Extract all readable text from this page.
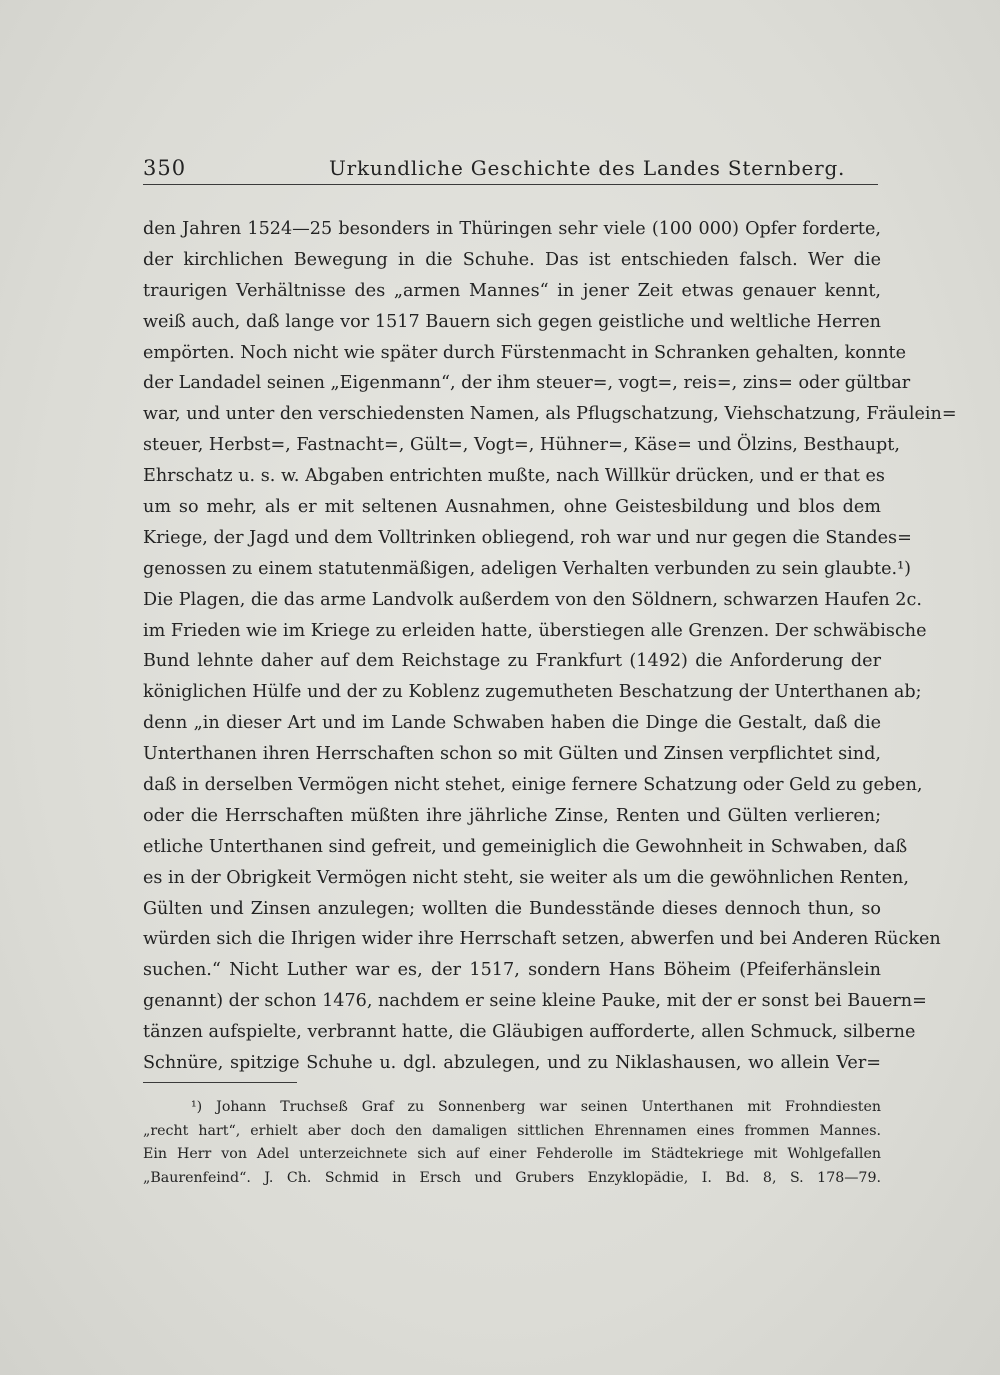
350	Urkundliche Geschichte des Landes Sternberg.
den Jahren 1524—25 besonders in Thüringen sehr viele (100 000) Opfer forderte,
der kirchlichen Bewegung in die Schuhe. Das ist entschieden falsch. Wer die
traurigen Verhältnisse des „armen Mannes“ in jener Zeit etwas genauer kennt,
weiß auch, daß lange vor 1517 Bauern sich gegen geistliche und weltliche Herren
empörten. Noch nicht wie später durch Fürstenmacht in Schranken gehalten, konnte
der Landadel seinen „Eigenmann“, der ihm steuer=, vogt=, reis=, zins= oder gültbar
war, und unter den verschiedensten Namen, als Pflugschatzung, Viehschatzung, Fräulein=
steuer, Herbst=, Fastnacht=, Gült=, Vogt=, Hühner=, Käse= und Ölzins, Besthaupt,
Ehrschatz u. s. w. Abgaben entrichten mußte, nach Willkür drücken, und er that es
um so mehr, als er mit seltenen Ausnahmen, ohne Geistesbildung und blos dem
Kriege, der Jagd und dem Volltrinken obliegend, roh war und nur gegen die Standes=
genossen zu einem statutenmäßigen, adeligen Verhalten verbunden zu sein glaubte.¹)
Die Plagen, die das arme Landvolk außerdem von den Söldnern, schwarzen Haufen 2c.
im Frieden wie im Kriege zu erleiden hatte, überstiegen alle Grenzen. Der schwäbische
Bund lehnte daher auf dem Reichstage zu Frankfurt (1492) die Anforderung der
königlichen Hülfe und der zu Koblenz zugemutheten Beschatzung der Unterthanen ab;
denn „in dieser Art und im Lande Schwaben haben die Dinge die Gestalt, daß die
Unterthanen ihren Herrschaften schon so mit Gülten und Zinsen verpflichtet sind,
daß in derselben Vermögen nicht stehet, einige fernere Schatzung oder Geld zu geben,
oder die Herrschaften müßten ihre jährliche Zinse, Renten und Gülten verlieren;
etliche Unterthanen sind gefreit, und gemeiniglich die Gewohnheit in Schwaben, daß
es in der Obrigkeit Vermögen nicht steht, sie weiter als um die gewöhnlichen Renten,
Gülten und Zinsen anzulegen; wollten die Bundesstände dieses dennoch thun, so
würden sich die Ihrigen wider ihre Herrschaft setzen, abwerfen und bei Anderen Rücken
suchen.“ Nicht Luther war es, der 1517, sondern Hans Böheim (Pfeiferhänslein
genannt) der schon 1476, nachdem er seine kleine Pauke, mit der er sonst bei Bauern=
tänzen aufspielte, verbrannt hatte, die Gläubigen aufforderte, allen Schmuck, silberne
Schnüre, spitzige Schuhe u. dgl. abzulegen, und zu Niklashausen, wo allein Ver=
¹) Johann Truchseß Graf zu Sonnenberg war seinen Unterthanen mit Frohndiesten
„recht hart“, erhielt aber doch den damaligen sittlichen Ehrennamen eines frommen Mannes.
Ein Herr von Adel unterzeichnete sich auf einer Fehderolle im Städtekriege mit Wohlgefallen
„Baurenfeind“. J. Ch. Schmid in Ersch und Grubers Enzyklopädie, I. Bd. 8, S. 178—79.
